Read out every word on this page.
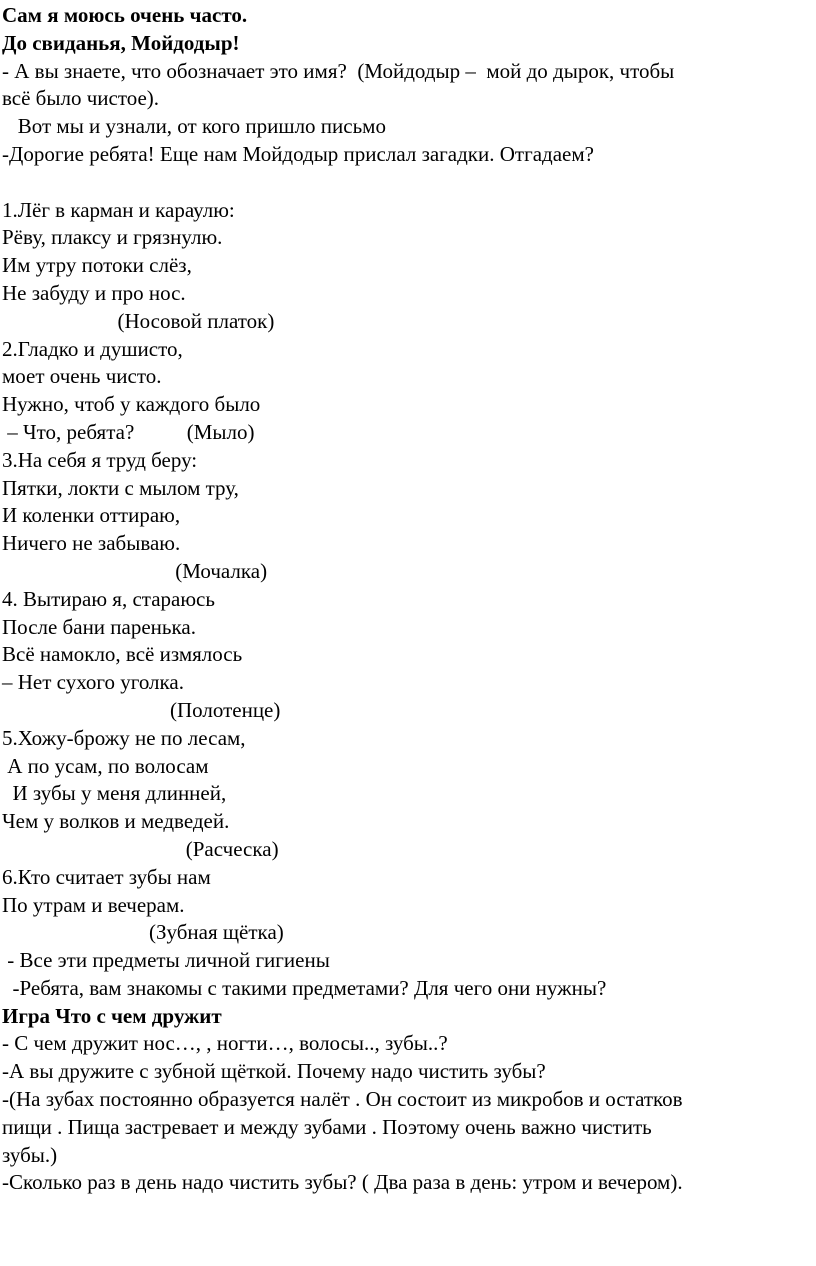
Сам я моюсь очень часто.
До свиданья, Мойдодыр!
- А вы знаете, что обозначает это имя?  (Мойдодыр –  мой до дырок, чтобы
всё было чистое).
Вот мы и узнали, от кого пришло письмо
-Дорогие ребята! Еще нам Мойдодыр прислал загадки. Отгадаем?
1.Лёг в карман и караулю:
Рёву, плаксу и грязнулю.
Им утру потоки слёз,
Не забуду и про нос.
(Носовой платок)
2.Гладко и душисто,
моет очень чисто.
Нужно, чтоб у каждого было
– Что, ребята?          (Мыло)
3.На себя я труд беру:
Пятки, локти с мылом тру,
И коленки оттираю,
Ничего не забываю.
(Мочалка)
4. Вытираю я, стараюсь
После бани паренька.
Всё намокло, всё измялось
– Нет сухого уголка.
(Полотенце)
5.Хожу-брожу не по лесам,
А по усам, по волосам
И зубы у меня длинней,
Чем у волков и медведей.
(Расческа)
6.Кто считает зубы нам
По утрам и вечерам.
(Зубная щётка)
- Все эти предметы личной гигиены
-Ребята, вам знакомы с такими предметами? Для чего они нужны?
Игра Что с чем дружит
- С чем дружит нос…, , ногти…, волосы.., зубы..?
-А вы дружите с зубной щёткой. Почему надо чистить зубы?
-(На зубах постоянно образуется налёт . Он состоит из микробов и остатков
пищи . Пища застревает и между зубами . Поэтому очень важно чистить
зубы.)
-Сколько раз в день надо чистить зубы? ( Два раза в день: утром и вечером).
